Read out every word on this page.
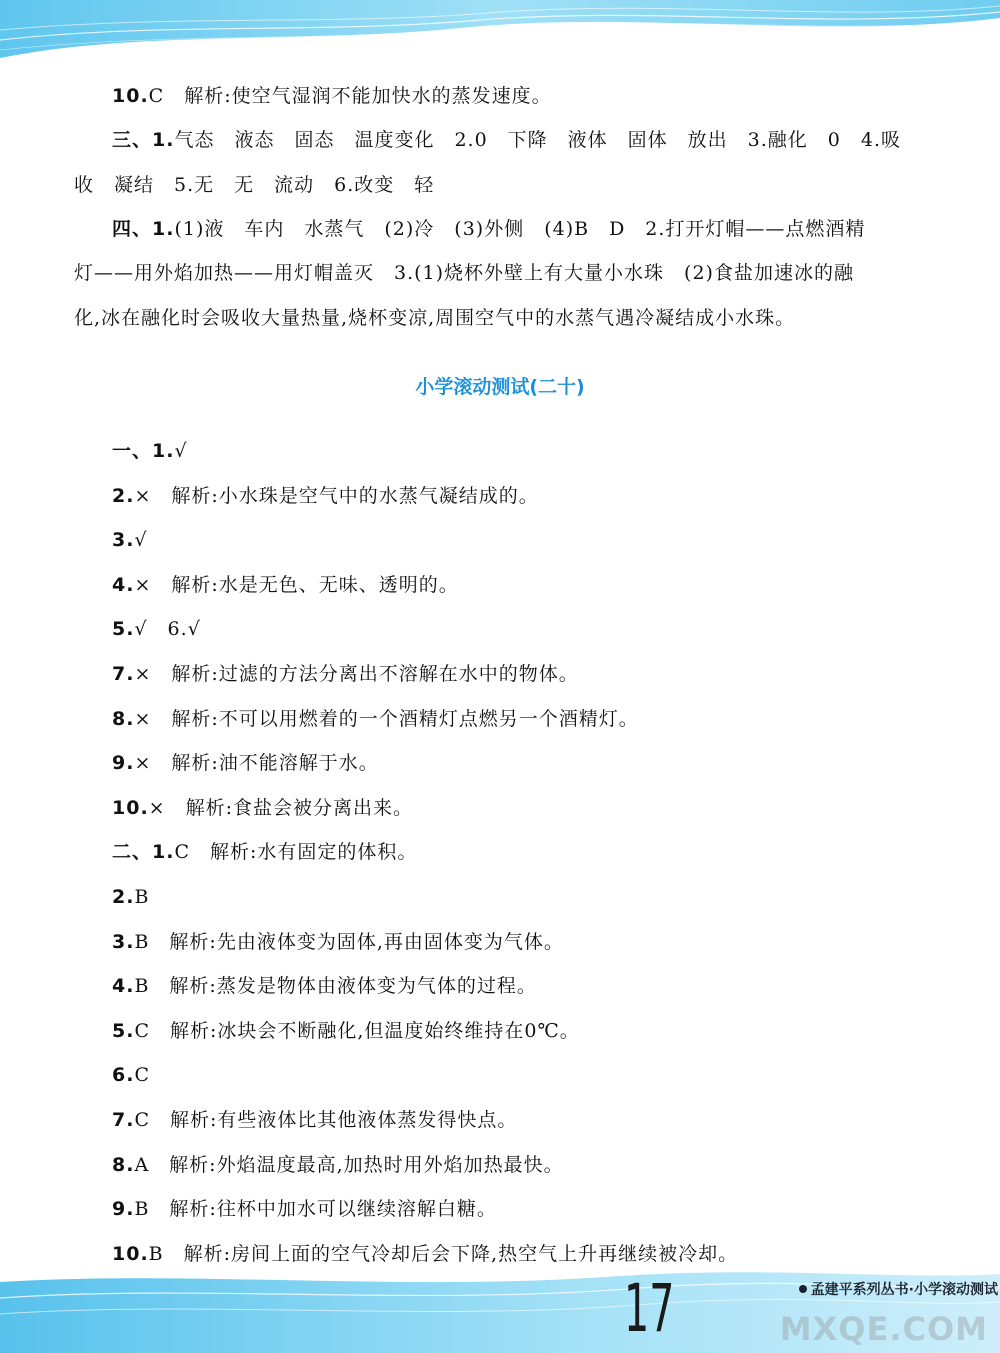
10.C　解析:使空气湿润不能加快水的蒸发速度。
三、1.气态　液态　固态　温度变化　2.0　下降　液体　固体　放出　3.融化　0　4.吸
收　凝结　5.无　无　流动　6.改变　轻
四、1.(1)液　车内　水蒸气　(2)冷　(3)外侧　(4)B　D　2.打开灯帽——点燃酒精
灯——用外焰加热——用灯帽盖灭　3.(1)烧杯外壁上有大量小水珠　(2)食盐加速冰的融
化,冰在融化时会吸收大量热量,烧杯变凉,周围空气中的水蒸气遇冷凝结成小水珠。
小学滚动测试(二十)
一、1.√
2.×　解析:小水珠是空气中的水蒸气凝结成的。
3.√
4.×　解析:水是无色、无味、透明的。
5.√　6.√
7.×　解析:过滤的方法分离出不溶解在水中的物体。
8.×　解析:不可以用燃着的一个酒精灯点燃另一个酒精灯。
9.×　解析:油不能溶解于水。
10.×　解析:食盐会被分离出来。
二、1.C　解析:水有固定的体积。
2.B
3.B　解析:先由液体变为固体,再由固体变为气体。
4.B　解析:蒸发是物体由液体变为气体的过程。
5.C　解析:冰块会不断融化,但温度始终维持在0℃。
6.C
7.C　解析:有些液体比其他液体蒸发得快点。
8.A　解析:外焰温度最高,加热时用外焰加热最快。
9.B　解析:往杯中加水可以继续溶解白糖。
10.B　解析:房间上面的空气冷却后会下降,热空气上升再继续被冷却。
17	孟建平系列丛书·小学滚动测试
MXQE.COM
